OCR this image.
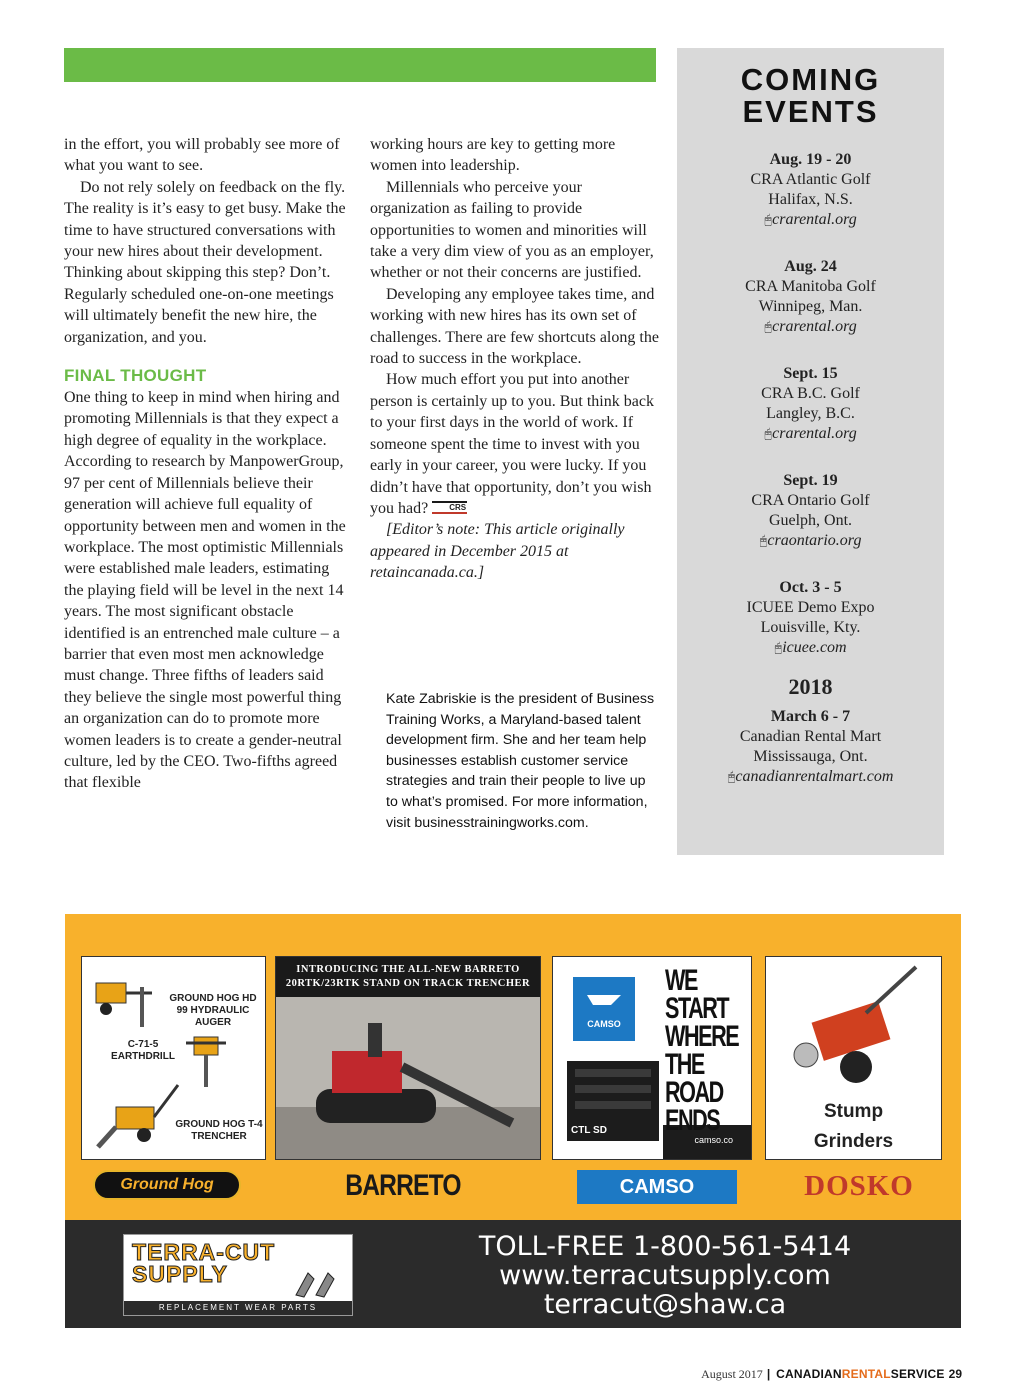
in the effort, you will probably see more of what you want to see.

Do not rely solely on feedback on the fly. The reality is it’s easy to get busy. Make the time to have structured conversations with your new hires about their development. Thinking about skipping this step? Don’t. Regularly scheduled one-on-one meetings will ultimately benefit the new hire, the organization, and you.

FINAL THOUGHT

One thing to keep in mind when hiring and promoting Millennials is that they expect a high degree of equality in the workplace. According to research by ManpowerGroup, 97 per cent of Millennials believe their generation will achieve full equality of opportunity between men and women in the workplace. The most optimistic Millennials were established male leaders, estimating the playing field will be level in the next 14 years. The most significant obstacle identified is an entrenched male culture – a barrier that even most men acknowledge must change. Three fifths of leaders said they believe the single most powerful thing an organization can do to promote more women leaders is to create a gender-neutral culture, led by the CEO. Two-fifths agreed that flexible

working hours are key to getting more women into leadership.

Millennials who perceive your organization as failing to provide opportunities to women and minorities will take a very dim view of you as an employer, whether or not their concerns are justified.

Developing any employee takes time, and working with new hires has its own set of challenges. There are few shortcuts along the road to success in the workplace.

How much effort you put into another person is certainly up to you. But think back to your first days in the world of work. If someone spent the time to invest with you early in your career, you were lucky. If you didn’t have that opportunity, don’t you wish you had?	CRS

[Editor’s note: This article originally appeared in December 2015 at retaincanada.ca.]

Kate Zabriskie is the president of Business Training Works, a Maryland-based talent development firm. She and her team help businesses establish customer service strategies and train their people to live up to what’s promised. For more information, visit businesstrainingworks.com.
COMING
EVENTS
Aug. 19 - 20
CRA Atlantic Golf
Halifax, N.S.
🖰crarental.org
Aug. 24
CRA Manitoba Golf
Winnipeg, Man.
🖰crarental.org
Sept. 15
CRA B.C. Golf
Langley, B.C.
🖰crarental.org
Sept. 19
CRA Ontario Golf
Guelph, Ont.
🖰craontario.org
Oct. 3 - 5
ICUEE Demo Expo
Louisville, Kty.
🖰icuee.com
2018
March 6 - 7
Canadian Rental Mart
Mississauga, Ont.
🖰canadianrentalmart.com
GROUND HOG HD 99 HYDRAULIC AUGER
C-71-5 EARTHDRILL
GROUND HOG T-4 TRENCHER
INTRODUCING THE ALL-NEW BARRETO 20RTK/23RTK STAND ON TRACK TRENCHER
CAMSO
WE START WHERE THE ROAD ENDS
CTL SD
camso.co
Stump
Grinders
Ground Hog	BARRETO	CAMSO	DOSKO
TERRA-CUT
SUPPLY
REPLACEMENT WEAR PARTS
TOLL-FREE 1-800-561-5414
www.terracutsupply.com
terracut@shaw.ca
August 2017 | CANADIANRENTALSERVICE 29
